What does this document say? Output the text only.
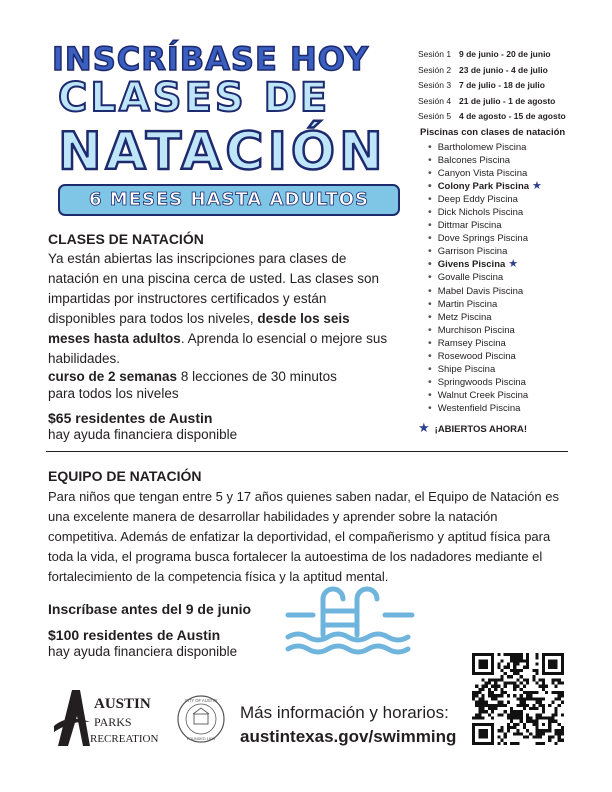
INSCRÍBASE HOY
CLASES DE
NATACIÓN
6 MESES HASTA ADULTOS
Sesión 1 9 de junio - 20 de junio
Sesión 2 23 de junio - 4 de julio
Sesión 3 7 de julio - 18 de julio
Sesión 4 21 de julio - 1 de agosto
Sesión 5 4 de agosto - 15 de agosto
Piscinas con clases de natación
• Bartholomew Piscina
• Balcones Piscina
• Canyon Vista Piscina
• Colony Park Piscina ★
• Deep Eddy Piscina
• Dick Nichols Piscina
• Dittmar Piscina
• Dove Springs Piscina
• Garrison Piscina
• Givens Piscina ★
• Govalle Piscina
• Mabel Davis Piscina
• Martin Piscina
• Metz Piscina
• Murchison Piscina
• Ramsey Piscina
• Rosewood Piscina
• Shipe Piscina
• Springwoods Piscina
• Walnut Creek Piscina
• Westenfield Piscina
★ ¡ABIERTOS AHORA!
CLASES DE NATACIÓN
Ya están abiertas las inscripciones para clases de natación en una piscina cerca de usted. Las clases son impartidas por instructores certificados y están disponibles para todos los niveles, desde los seis meses hasta adultos. Aprenda lo esencial o mejore sus habilidades.
curso de 2 semanas 8 lecciones de 30 minutos para todos los niveles
$65 residentes de Austin
hay ayuda financiera disponible
EQUIPO DE NATACIÓN
Para niños que tengan entre 5 y 17 años quienes saben nadar, el Equipo de Natación es una excelente manera de desarrollar habilidades y aprender sobre la natación competitiva. Además de enfatizar la deportividad, el compañerismo y aptitud física para toda la vida, el programa busca fortalecer la autoestima de los nadadores mediante el fortalecimiento de la competencia física y la aptitud mental.
Inscríbase antes del 9 de junio
$100 residentes de Austin
hay ayuda financiera disponible
AUSTIN
PARKS
RECREATION
CITY OF AUSTIN
FOUNDED 1839
Más información y horarios:
austintexas.gov/swimming
